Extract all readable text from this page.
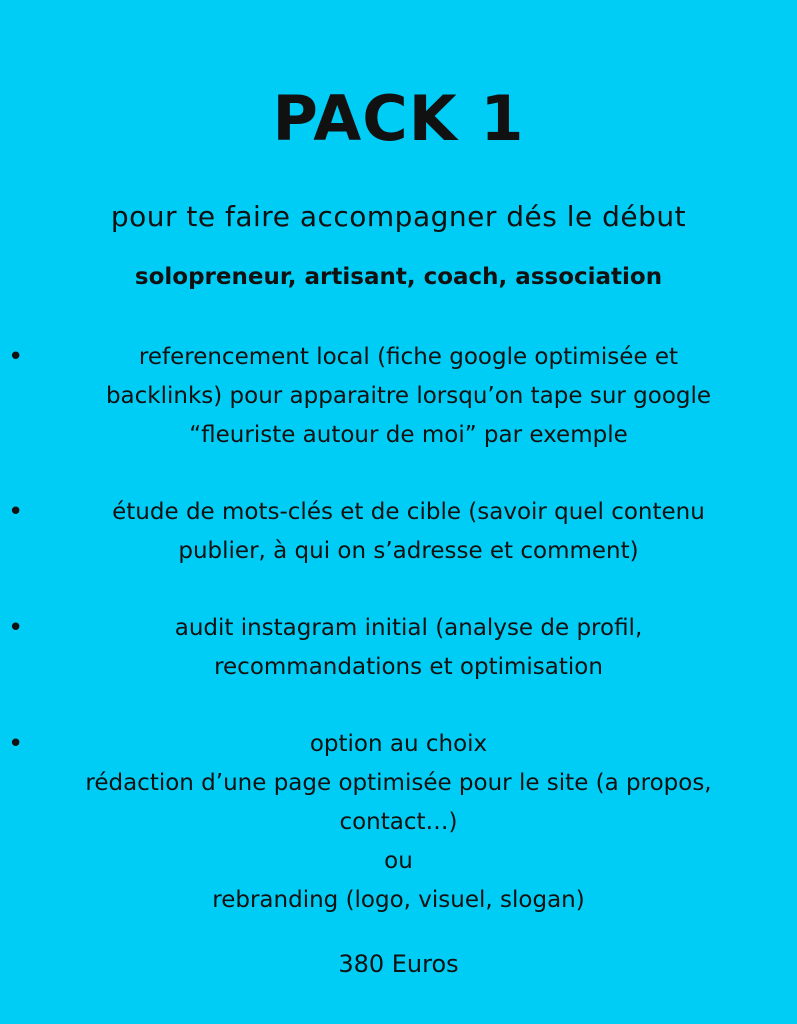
PACK 1
pour te faire accompagner dés le début
solopreneur, artisant, coach, association
•	referencement local (fiche google optimisée et
backlinks) pour apparaitre lorsqu’on tape sur google
“fleuriste autour de moi” par exemple
•	étude de mots-clés et de cible (savoir quel contenu
publier, à qui on s’adresse et comment)
•	audit instagram initial (analyse de profil,
recommandations et optimisation
•	option au choix
rédaction d’une page optimisée pour le site (a propos,
contact…)
ou
rebranding (logo, visuel, slogan)
380 Euros
